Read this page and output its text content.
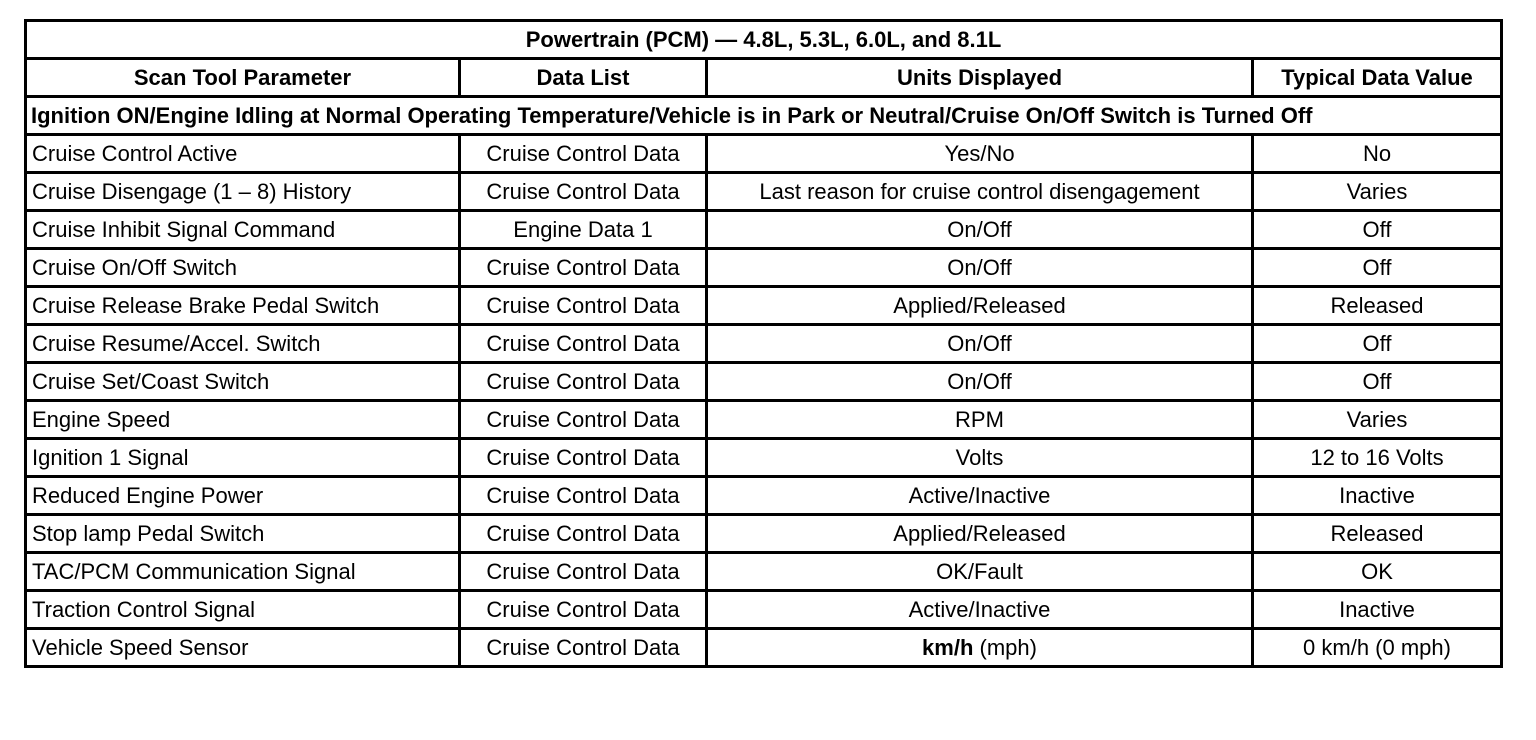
Powertrain (PCM) — 4.8L, 5.3L, 6.0L, and 8.1L			
Scan Tool Parameter	Data List	Units Displayed	Typical Data Value
Ignition ON/Engine Idling at Normal Operating Temperature/Vehicle is in Park or Neutral/Cruise On/Off Switch is Turned Off			
Cruise Control Active	Cruise Control Data	Yes/No	No
Cruise Disengage (1 – 8) History	Cruise Control Data	Last reason for cruise control disengagement	Varies
Cruise Inhibit Signal Command	Engine Data 1	On/Off	Off
Cruise On/Off Switch	Cruise Control Data	On/Off	Off
Cruise Release Brake Pedal Switch	Cruise Control Data	Applied/Released	Released
Cruise Resume/Accel. Switch	Cruise Control Data	On/Off	Off
Cruise Set/Coast Switch	Cruise Control Data	On/Off	Off
Engine Speed	Cruise Control Data	RPM	Varies
Ignition 1 Signal	Cruise Control Data	Volts	12 to 16 Volts
Reduced Engine Power	Cruise Control Data	Active/Inactive	Inactive
Stop lamp Pedal Switch	Cruise Control Data	Applied/Released	Released
TAC/PCM Communication Signal	Cruise Control Data	OK/Fault	OK
Traction Control Signal	Cruise Control Data	Active/Inactive	Inactive
Vehicle Speed Sensor	Cruise Control Data	km/h (mph)	0 km/h (0 mph)
